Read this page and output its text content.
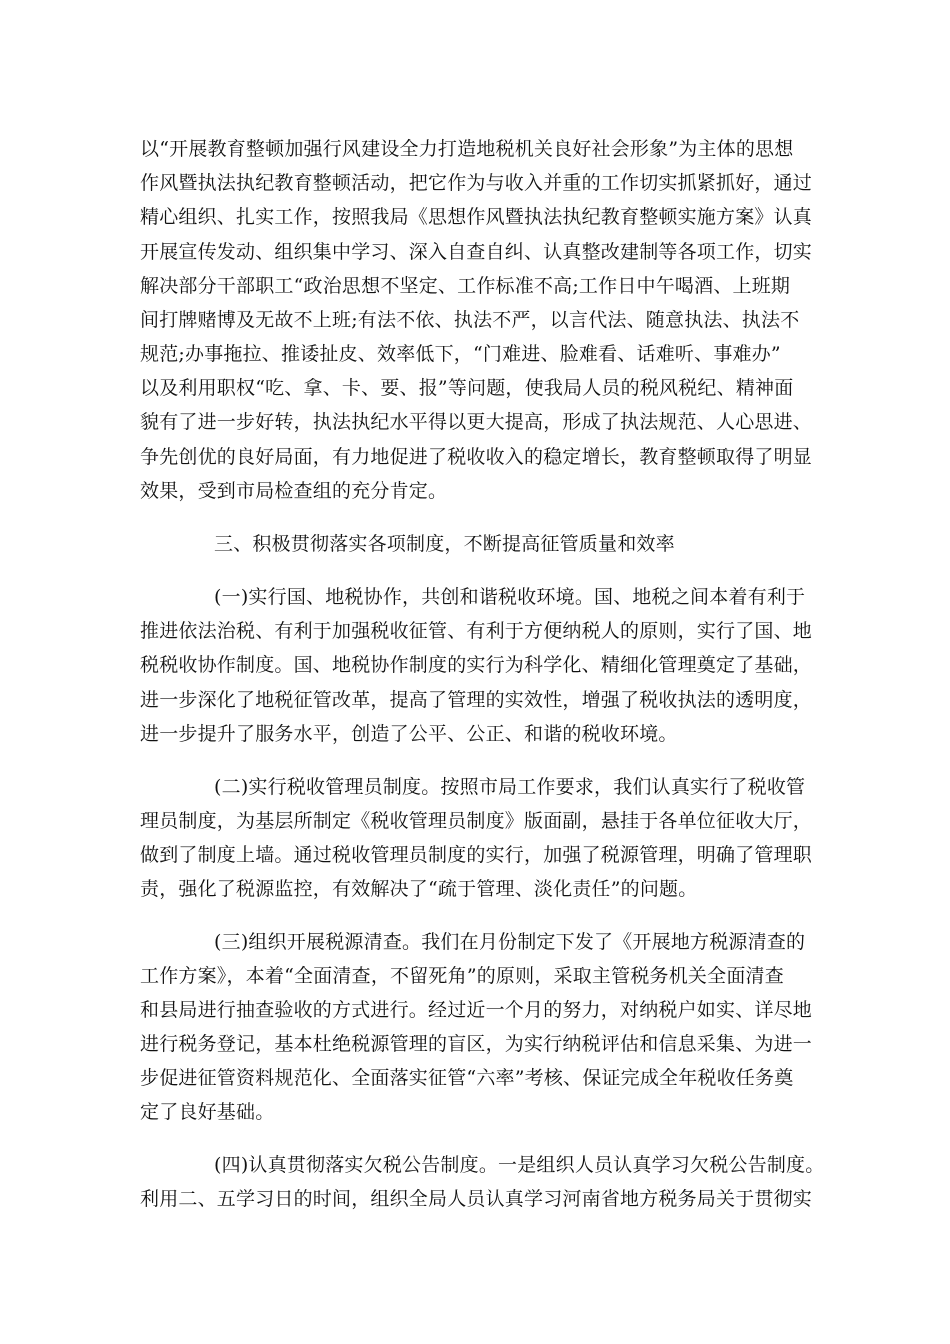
以“开展教育整顿加强行风建设全力打造地税机关良好社会形象”为主体的思想
作风暨执法执纪教育整顿活动，把它作为与收入并重的工作切实抓紧抓好，通过
精心组织、扎实工作，按照我局《思想作风暨执法执纪教育整顿实施方案》认真
开展宣传发动、组织集中学习、深入自查自纠、认真整改建制等各项工作，切实
解决部分干部职工“政治思想不坚定、工作标准不高;工作日中午喝酒、上班期
间打牌赌博及无故不上班;有法不依、执法不严，以言代法、随意执法、执法不
规范;办事拖拉、推诿扯皮、效率低下，“门难进、脸难看、话难听、事难办”
以及利用职权“吃、拿、卡、要、报”等问题，使我局人员的税风税纪、精神面
貌有了进一步好转，执法执纪水平得以更大提高，形成了执法规范、人心思进、
争先创优的良好局面，有力地促进了税收收入的稳定增长，教育整顿取得了明显
效果，受到市局检查组的充分肯定。
三、积极贯彻落实各项制度，不断提高征管质量和效率
(一)实行国、地税协作，共创和谐税收环境。国、地税之间本着有利于
推进依法治税、有利于加强税收征管、有利于方便纳税人的原则，实行了国、地
税税收协作制度。国、地税协作制度的实行为科学化、精细化管理奠定了基础，
进一步深化了地税征管改革，提高了管理的实效性，增强了税收执法的透明度，
进一步提升了服务水平，创造了公平、公正、和谐的税收环境。
(二)实行税收管理员制度。按照市局工作要求，我们认真实行了税收管
理员制度，为基层所制定《税收管理员制度》版面副，悬挂于各单位征收大厅，
做到了制度上墙。通过税收管理员制度的实行，加强了税源管理，明确了管理职
责，强化了税源监控，有效解决了“疏于管理、淡化责任”的问题。
(三)组织开展税源清查。我们在月份制定下发了《开展地方税源清查的
工作方案》，本着“全面清查，不留死角”的原则，采取主管税务机关全面清查
和县局进行抽查验收的方式进行。经过近一个月的努力，对纳税户如实、详尽地
进行税务登记，基本杜绝税源管理的盲区，为实行纳税评估和信息采集、为进一
步促进征管资料规范化、全面落实征管“六率”考核、保证完成全年税收任务奠
定了良好基础。
(四)认真贯彻落实欠税公告制度。一是组织人员认真学习欠税公告制度。
利用二、五学习日的时间，组织全局人员认真学习河南省地方税务局关于贯彻实
